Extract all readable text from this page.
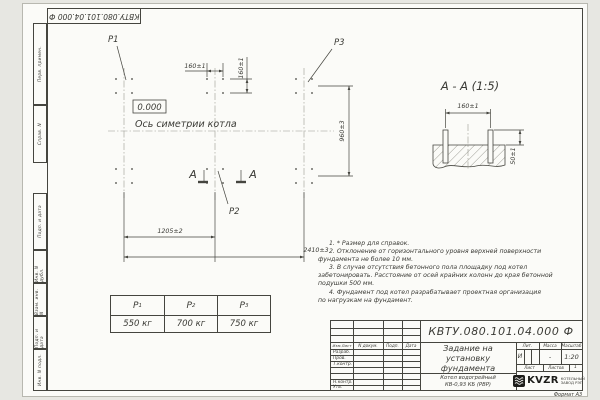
Перв. примен.
Справ. N
Подп. и дата
Инв. N дубл.
Взам. инв. N
Подп. и дата
Инв. N подл.
КВТУ.080.101.04.000 Ф
P1	P3
P2
0.000
Ось симетрии котла
1205±2
2410±3
160±1	160±1
960±3
A	A
А - А (1:5)
160±1
50±1
1. * Размер для справок.
2. Отклонение от горизонтального уровня верхней поверхности
фундамента не более 10 мм.
3. В случае отсутствия бетонного пола площадку под котел
забетонировать. Расстояние от осей крайних колонн до края бетонной
подушки 500 мм.
4. Фундамент под котел разрабатывает проектная организация
по нагрузкам на фундамент.
P 1	P 2	P 3
550 кг	700 кг	750 кг
КВТУ.080.101.04.000 Ф
Изм.Лист	N докум.	Подп.	Дата
Разраб.
Пров.
Т.контр.
Н.контр.
Утв.
Задание на
установку
фундамента
Котел водогрейный
КВ-0,93 КБ (РВР)
Лит.	Масса	Масштаб
И	-	1:20
Лист	Листов	1
KVZR КОТЕЛЬНЫЙ
ЗАВОД РЭП
Формат А3
